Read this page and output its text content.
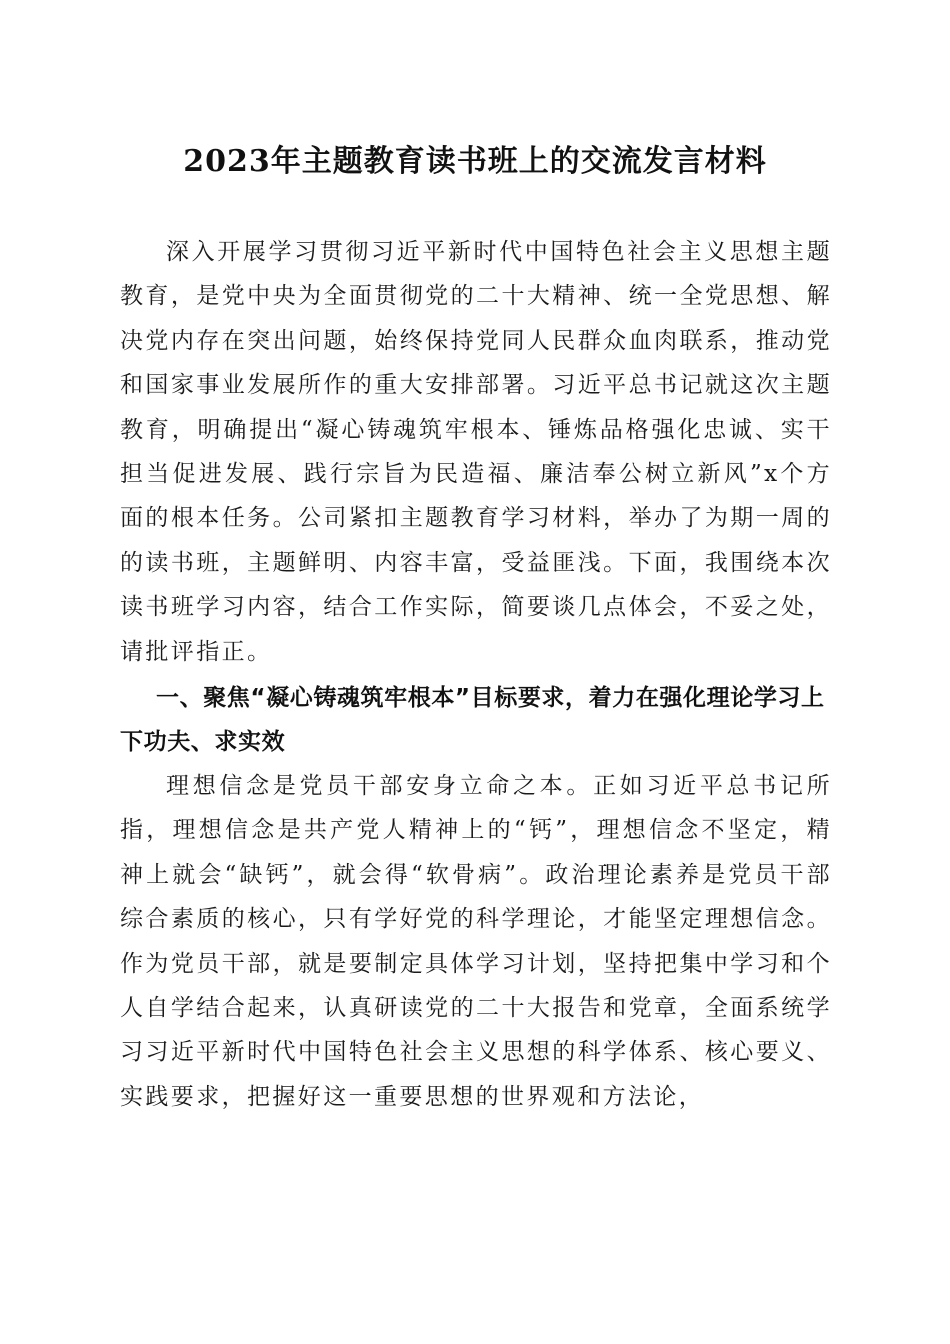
2023年主题教育读书班上的交流发言材料

深入开展学习贯彻习近平新时代中国特色社会主义思想主题教育，是党中央为全面贯彻党的二十大精神、统一全党思想、解决党内存在突出问题，始终保持党同人民群众血肉联系，推动党和国家事业发展所作的重大安排部署。习近平总书记就这次主题教育，明确提出“凝心铸魂筑牢根本、锤炼品格强化忠诚、实干担当促进发展、践行宗旨为民造福、廉洁奉公树立新风”x个方面的根本任务。公司紧扣主题教育学习材料，举办了为期一周的的读书班，主题鲜明、内容丰富，受益匪浅。下面，我围绕本次读书班学习内容，结合工作实际，简要谈几点体会，不妥之处，请批评指正。

一、聚焦“凝心铸魂筑牢根本”目标要求，着力在强化理论学习上下功夫、求实效

理想信念是党员干部安身立命之本。正如习近平总书记所指，理想信念是共产党人精神上的“钙”，理想信念不坚定，精神上就会“缺钙”，就会得“软骨病”。政治理论素养是党员干部综合素质的核心，只有学好党的科学理论，才能坚定理想信念。作为党员干部，就是要制定具体学习计划，坚持把集中学习和个人自学结合起来，认真研读党的二十大报告和党章，全面系统学习习近平新时代中国特色社会主义思想的科学体系、核心要义、实践要求，把握好这一重要思想的世界观和方法论，
